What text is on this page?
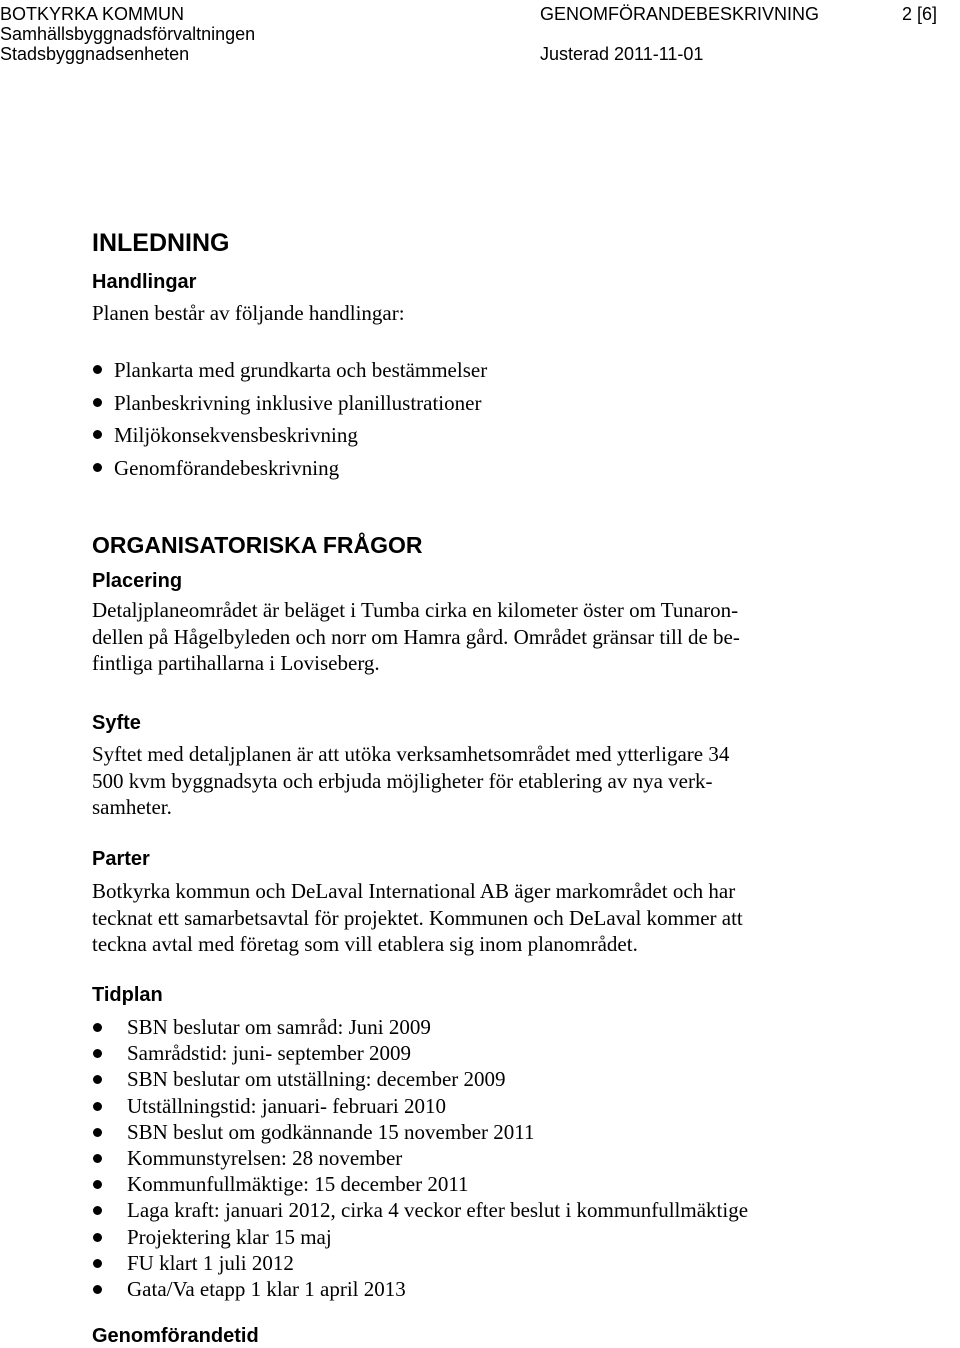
BOTKYRKA KOMMUN
Samhällsbyggnadsförvaltningen
Stadsbyggnadsenheten
GENOMFÖRANDEBESKRIVNING
Justerad 2011-11-01
2 [6]
INLEDNING
Handlingar
Planen består av följande handlingar:
Plankarta med grundkarta och bestämmelser
Planbeskrivning inklusive planillustrationer
Miljökonsekvensbeskrivning
Genomförandebeskrivning
ORGANISATORISKA FRÅGOR
Placering
Detaljplaneområdet är beläget i Tumba cirka en kilometer öster om Tunaron-
dellen på Hågelbyleden och norr om Hamra gård. Området gränsar till de be-
fintliga partihallarna i Loviseberg.
Syfte
Syftet med detaljplanen är att utöka verksamhetsområdet med ytterligare 34
500 kvm byggnadsyta och erbjuda möjligheter för etablering av nya verk-
samheter.
Parter
Botkyrka kommun och DeLaval International AB äger markområdet och har
tecknat ett samarbetsavtal för projektet. Kommunen och DeLaval kommer att
teckna avtal med företag som vill etablera sig inom planområdet.
Tidplan
SBN beslutar om samråd: Juni 2009
Samrådstid: juni- september 2009
SBN beslutar om utställning: december 2009
Utställningstid: januari- februari 2010
SBN beslut om godkännande 15 november 2011
Kommunstyrelsen: 28 november
Kommunfullmäktige: 15 december 2011
Laga kraft: januari 2012, cirka 4 veckor efter beslut i kommunfullmäktige
Projektering klar 15 maj
FU klart 1 juli 2012
Gata/Va etapp 1 klar 1 april 2013
Genomförandetid
